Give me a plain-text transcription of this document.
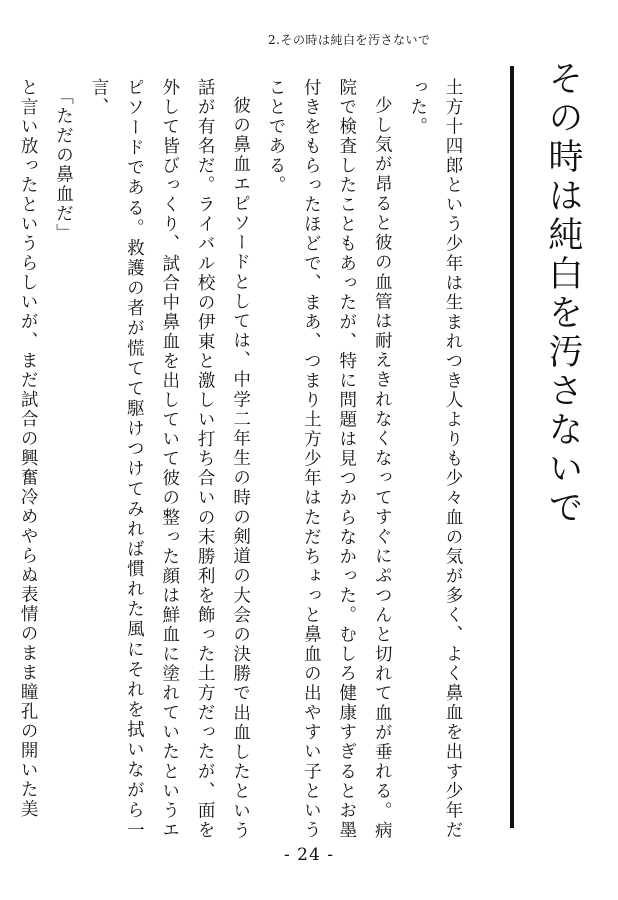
2.その時は純白を汚さないで
その時は純白を汚さないで

土方十四郎という少年は生まれつき人よりも少々血の気が多く、よく鼻血を出す少年だった。

少し気が昂ると彼の血管は耐えきれなくなってすぐにぷつんと切れて血が垂れる。病院で検査したこともあったが、特に問題は見つからなかった。むしろ健康すぎるとお墨付きをもらったほどで、まあ、つまり土方少年はただちょっと鼻血の出やすい子ということである。

彼の鼻血エピソードとしては、中学二年生の時の剣道の大会の決勝で出血したという話が有名だ。ライバル校の伊東と激しい打ち合いの末勝利を飾った土方だったが、面を外して皆びっくり、試合中鼻血を出していて彼の整った顔は鮮血に塗れていたというエピソードである。救護の者が慌てて駆けつけてみれば慣れた風にそれを拭いながら一言、

「ただの鼻血だ」

と言い放ったというらしいが、まだ試合の興奮冷めやらぬ表情のまま瞳孔の開いた美

- 24 -
